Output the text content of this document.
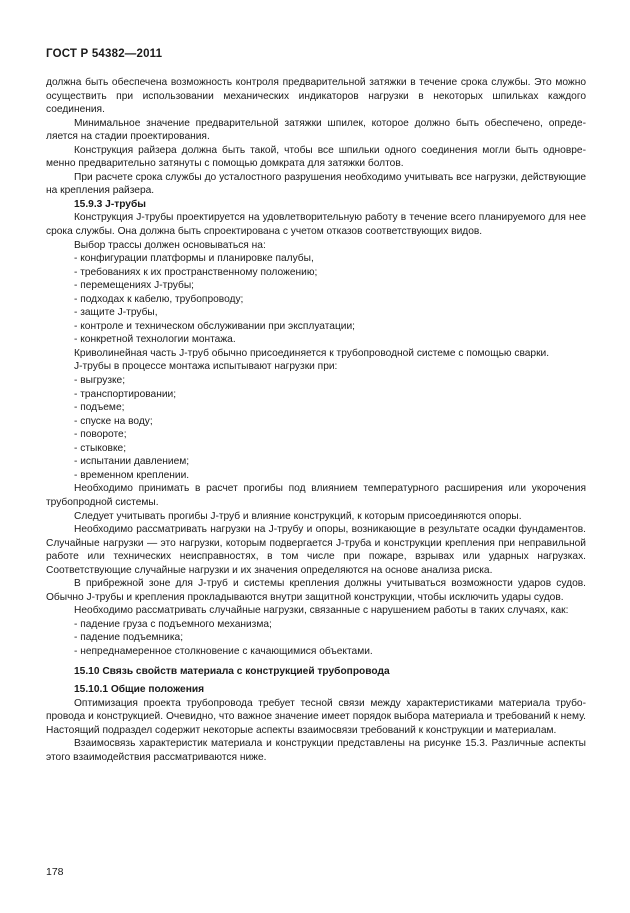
ГОСТ Р 54382—2011

должна быть обеспечена возможность контроля предварительной затяжки в течение срока службы. Это можно осуществить при использовании механических индикаторов нагрузки в некоторых шпильках каждого соединения.

Минимальное значение предварительной затяжки шпилек, которое должно быть обеспечено, определяется на стадии проектирования.

Конструкция райзера должна быть такой, чтобы все шпильки одного соединения могли быть одновременно предварительно затянуты с помощью домкрата для затяжки болтов.

При расчете срока службы до усталостного разрушения необходимо учитывать все нагрузки, действующие на крепления райзера.

15.9.3 J-трубы

Конструкция J-трубы проектируется на удовлетворительную работу в течение всего планируемого для нее срока службы. Она должна быть спроектирована с учетом отказов соответствующих видов.

Выбор трассы должен основываться на:

- конфигурации платформы и планировке палубы,

- требованиях к их пространственному положению;

- перемещениях J-трубы;

- подходах к кабелю, трубопроводу;

- защите J-трубы,

- контроле и техническом обслуживании при эксплуатации;

- конкретной технологии монтажа.

Криволинейная часть J-труб обычно присоединяется к трубопроводной системе с помощью сварки.

J-трубы в процессе монтажа испытывают нагрузки при:

- выгрузке;

- транспортировании;

- подъеме;

- спуске на воду;

- повороте;

- стыковке;

- испытании давлением;

- временном креплении.

Необходимо принимать в расчет прогибы под влиянием температурного расширения или укорочения трубопродной системы.

Следует учитывать прогибы J-труб и влияние конструкций, к которым присоединяются опоры.

Необходимо рассматривать нагрузки на J-трубу и опоры, возникающие в результате осадки фундаментов. Случайные нагрузки — это нагрузки, которым подвергается J-труба и конструкции крепления при неправильной работе или технических неисправностях, в том числе при пожаре, взрывах или ударных нагрузках. Соответствующие случайные нагрузки и их значения определяются на основе анализа риска.

В прибрежной зоне для J-труб и системы крепления должны учитываться возможности ударов судов. Обычно J-трубы и крепления прокладываются внутри защитной конструкции, чтобы исключить удары судов.

Необходимо рассматривать случайные нагрузки, связанные с нарушением работы в таких случаях, как:

- падение груза с подъемного механизма;

- падение подъемника;

- непреднамеренное столкновение с качающимися объектами.

15.10 Связь свойств материала с конструкцией трубопровода

15.10.1 Общие положения

Оптимизация проекта трубопровода требует тесной связи между характеристиками материала трубопровода и конструкцией. Очевидно, что важное значение имеет порядок выбора материала и требований к нему. Настоящий подраздел содержит некоторые аспекты взаимосвязи требований к конструкции и материалам.

Взаимосвязь характеристик материала и конструкции представлены на рисунке 15.3. Различные аспекты этого взаимодействия рассматриваются ниже.

178
